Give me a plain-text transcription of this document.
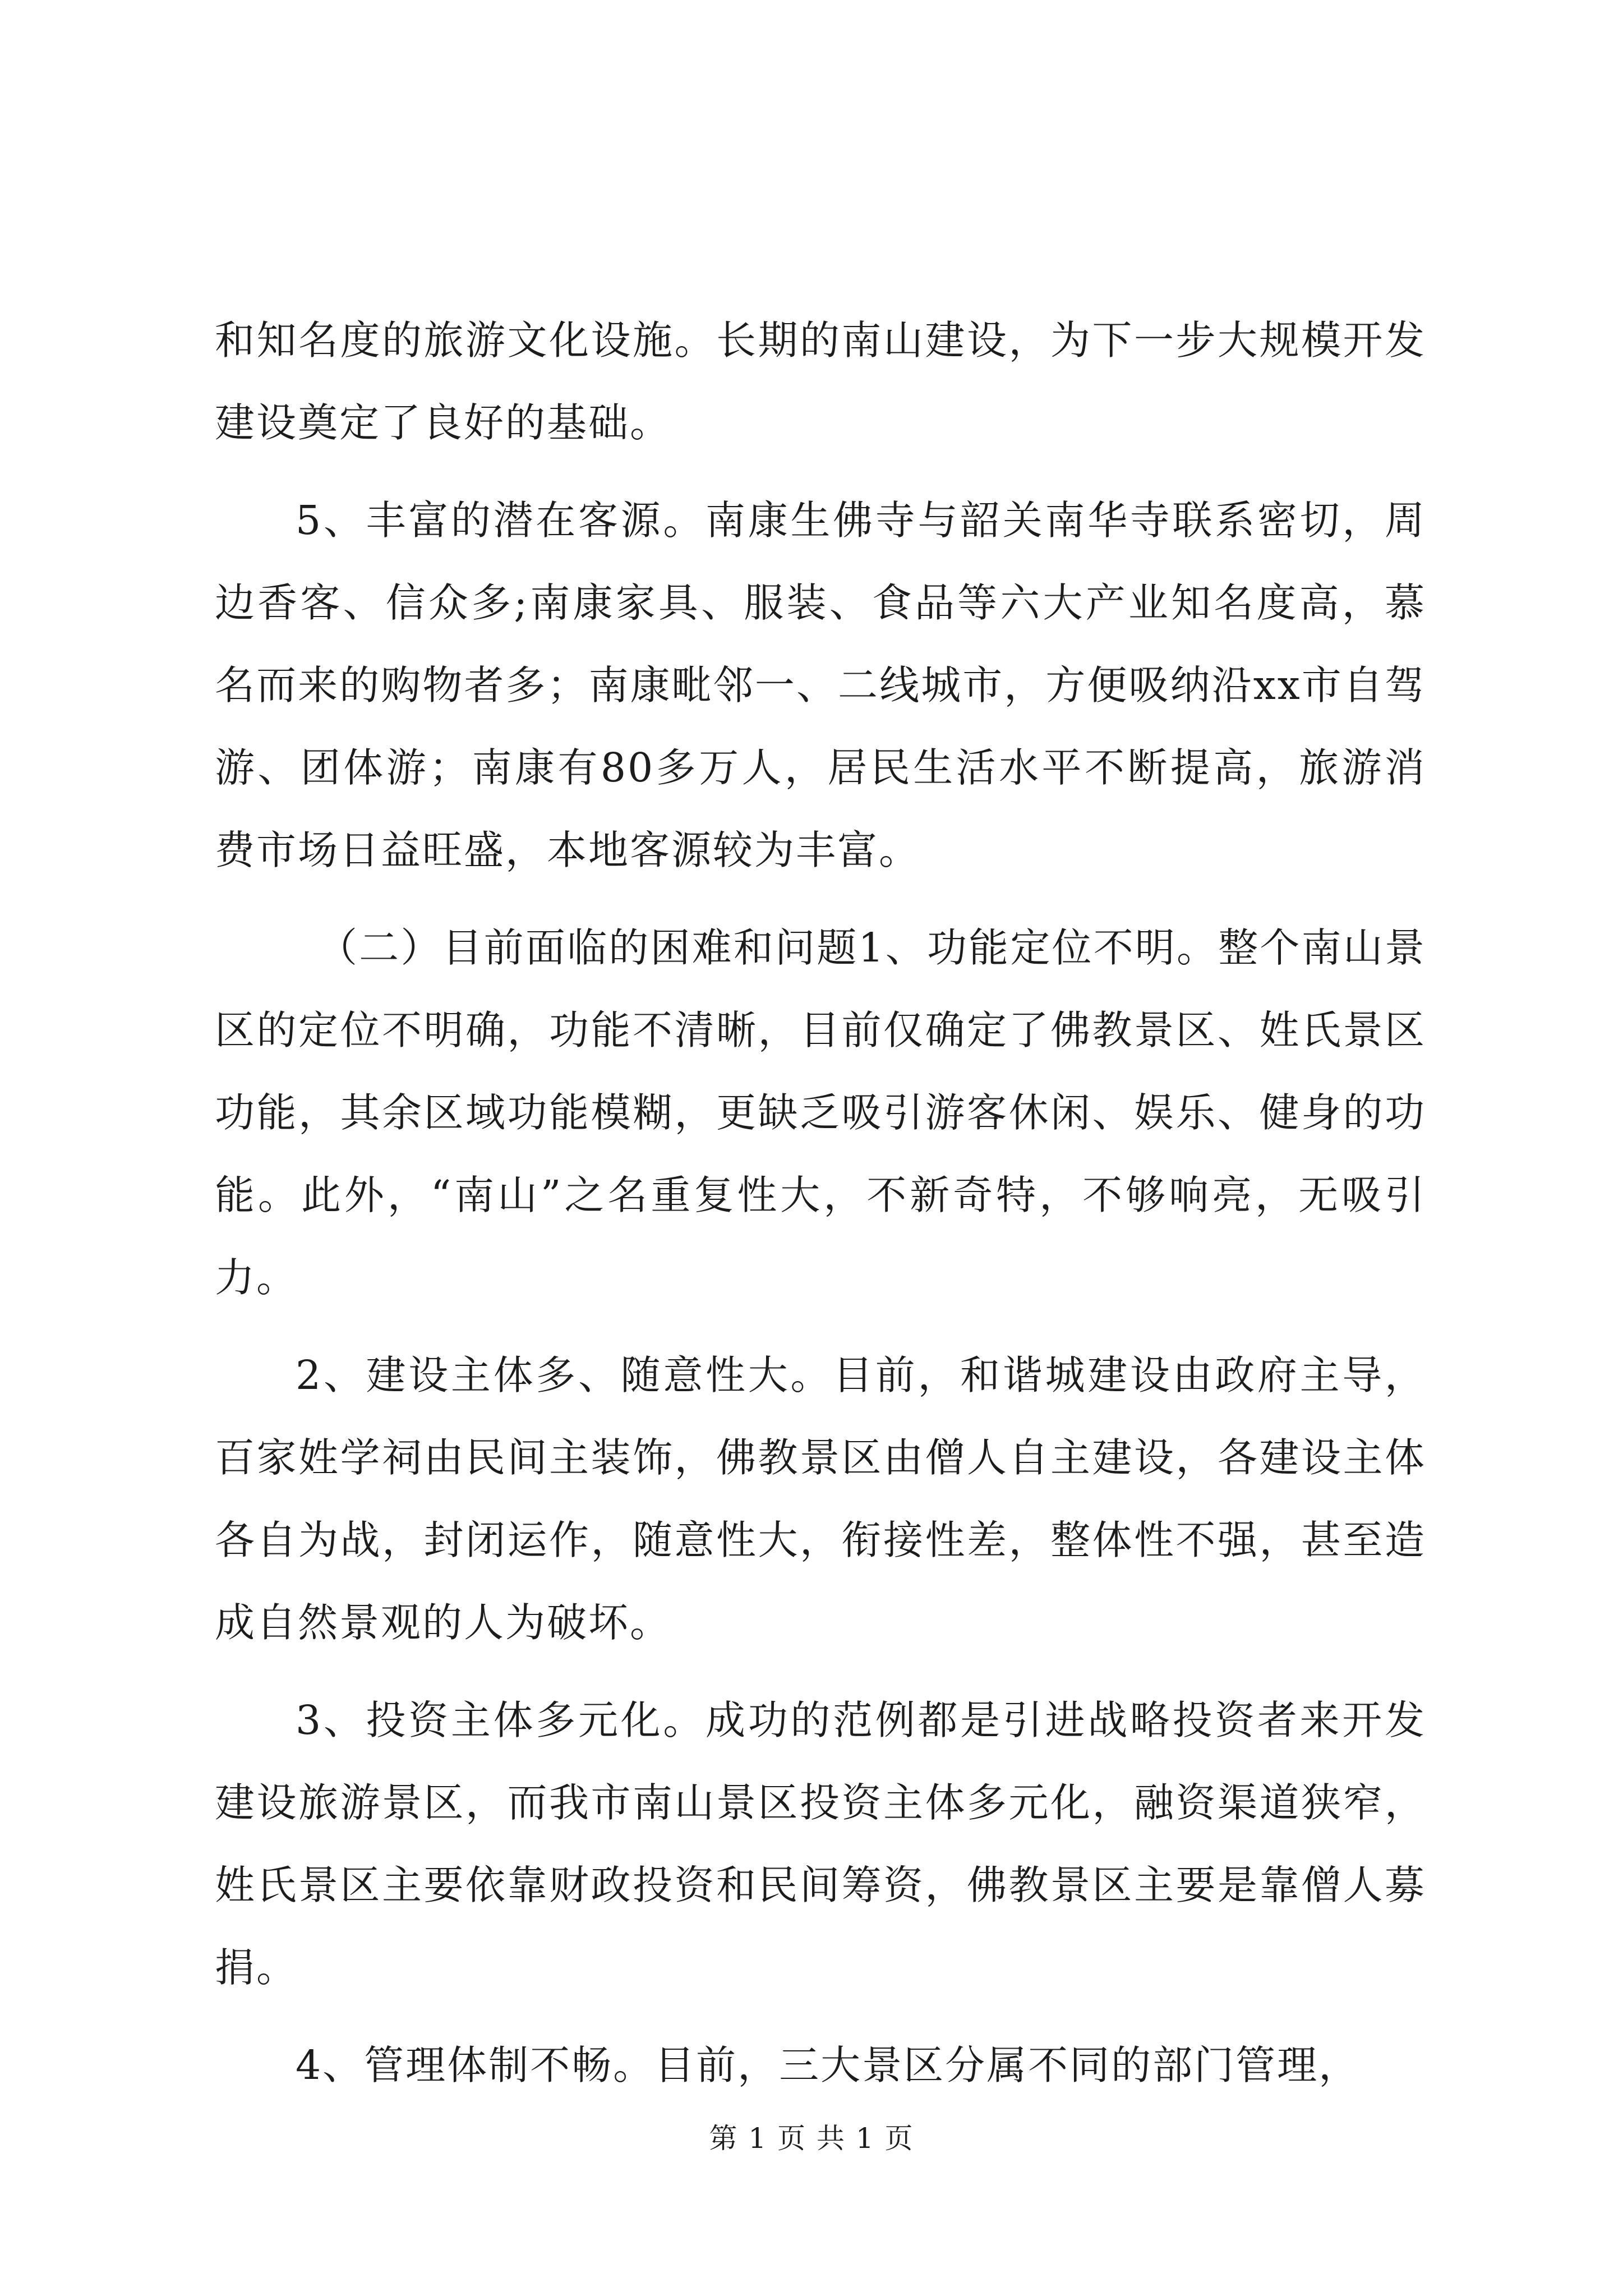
和知名度的旅游文化设施。长期的南山建设，为下一步大规模开发建设奠定了良好的基础。

5、丰富的潜在客源。南康生佛寺与韶关南华寺联系密切，周边香客、信众多;南康家具、服装、食品等六大产业知名度高，慕名而来的购物者多；南康毗邻一、二线城市，方便吸纳沿xx市自驾游、团体游；南康有80多万人，居民生活水平不断提高，旅游消费市场日益旺盛，本地客源较为丰富。

（二）目前面临的困难和问题1、功能定位不明。整个南山景区的定位不明确，功能不清晰，目前仅确定了佛教景区、姓氏景区功能，其余区域功能模糊，更缺乏吸引游客休闲、娱乐、健身的功能。此外，“南山”之名重复性大，不新奇特，不够响亮，无吸引力。

2、建设主体多、随意性大。目前，和谐城建设由政府主导，百家姓学祠由民间主装饰，佛教景区由僧人自主建设，各建设主体各自为战，封闭运作，随意性大，衔接性差，整体性不强，甚至造成自然景观的人为破坏。

3、投资主体多元化。成功的范例都是引进战略投资者来开发建设旅游景区，而我市南山景区投资主体多元化，融资渠道狭窄，姓氏景区主要依靠财政投资和民间筹资，佛教景区主要是靠僧人募捐。

4、管理体制不畅。目前，三大景区分属不同的部门管理，

第 1 页 共 1 页
